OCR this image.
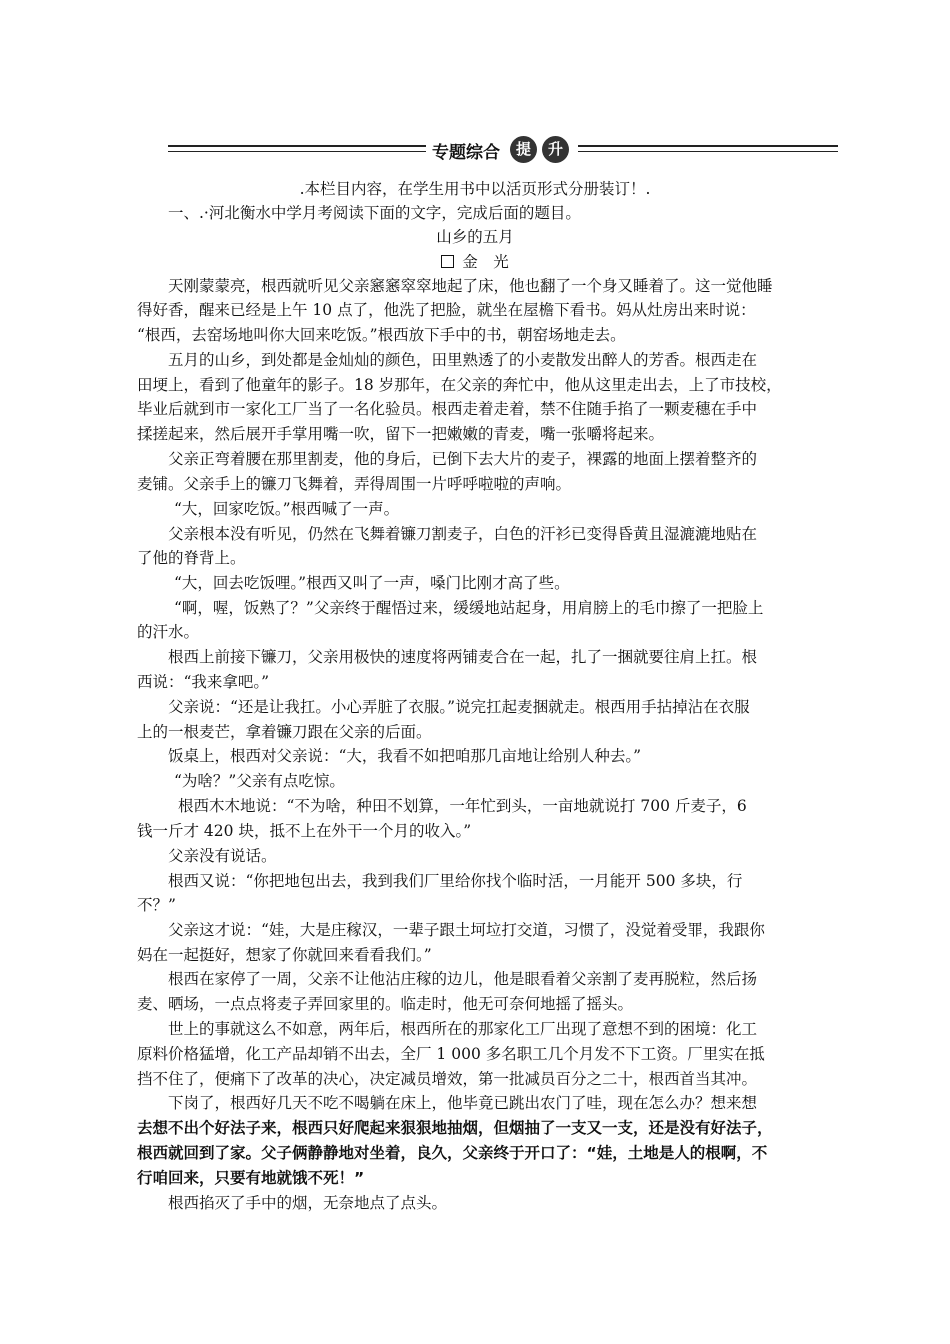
专题综合	提	升
.本栏目内容，在学生用书中以活页形式分册装订！.
一、.·河北衡水中学月考阅读下面的文字，完成后面的题目。
山乡的五月
金　光
天刚蒙蒙亮，根西就听见父亲窸窸窣窣地起了床，他也翻了一个身又睡着了。这一觉他睡
得好香，醒来已经是上午 10 点了，他洗了把脸，就坐在屋檐下看书。妈从灶房出来时说：
“根西，去窑场地叫你大回来吃饭。”根西放下手中的书，朝窑场地走去。
五月的山乡，到处都是金灿灿的颜色，田里熟透了的小麦散发出醉人的芳香。根西走在
田埂上，看到了他童年的影子。18 岁那年，在父亲的奔忙中，他从这里走出去，上了市技校，
毕业后就到市一家化工厂当了一名化验员。根西走着走着，禁不住随手掐了一颗麦穗在手中
揉搓起来，然后展开手掌用嘴一吹，留下一把嫩嫩的青麦，嘴一张嚼将起来。
父亲正弯着腰在那里割麦，他的身后，已倒下去大片的麦子，裸露的地面上摆着整齐的
麦铺。父亲手上的镰刀飞舞着，弄得周围一片呼呼啦啦的声响。
“大，回家吃饭。”根西喊了一声。
父亲根本没有听见，仍然在飞舞着镰刀割麦子，白色的汗衫已变得昏黄且湿漉漉地贴在
了他的脊背上。
“大，回去吃饭哩。”根西又叫了一声，嗓门比刚才高了些。
“啊，喔，饭熟了？”父亲终于醒悟过来，缓缓地站起身，用肩膀上的毛巾擦了一把脸上
的汗水。
根西上前接下镰刀，父亲用极快的速度将两铺麦合在一起，扎了一捆就要往肩上扛。根
西说：“我来拿吧。”
父亲说：“还是让我扛。小心弄脏了衣服。”说完扛起麦捆就走。根西用手拈掉沾在衣服
上的一根麦芒，拿着镰刀跟在父亲的后面。
饭桌上，根西对父亲说：“大，我看不如把咱那几亩地让给别人种去。”
“为啥？”父亲有点吃惊。
根西木木地说：“不为啥，种田不划算，一年忙到头，一亩地就说打 700 斤麦子，6
钱一斤才 420 块，抵不上在外干一个月的收入。”
父亲没有说话。
根西又说：“你把地包出去，我到我们厂里给你找个临时活，一月能开 500 多块，行
不？”
父亲这才说：“娃，大是庄稼汉，一辈子跟土坷垃打交道，习惯了，没觉着受罪，我跟你
妈在一起挺好，想家了你就回来看看我们。”
根西在家停了一周，父亲不让他沾庄稼的边儿，他是眼看着父亲割了麦再脱粒，然后扬
麦、晒场，一点点将麦子弄回家里的。临走时，他无可奈何地摇了摇头。
世上的事就这么不如意，两年后，根西所在的那家化工厂出现了意想不到的困境：化工
原料价格猛增，化工产品却销不出去，全厂 1 000 多名职工几个月发不下工资。厂里实在抵
挡不住了，便痛下了改革的决心，决定减员增效，第一批减员百分之二十，根西首当其冲。
下岗了，根西好几天不吃不喝躺在床上，他毕竟已跳出农门了哇，现在怎么办？想来想
去想不出个好法子来，根西只好爬起来狠狠地抽烟，但烟抽了一支又一支，还是没有好法子，
根西就回到了家。父子俩静静地对坐着，良久，父亲终于开口了：“娃，土地是人的根啊，不
行咱回来，只要有地就饿不死！”
根西掐灭了手中的烟，无奈地点了点头。
